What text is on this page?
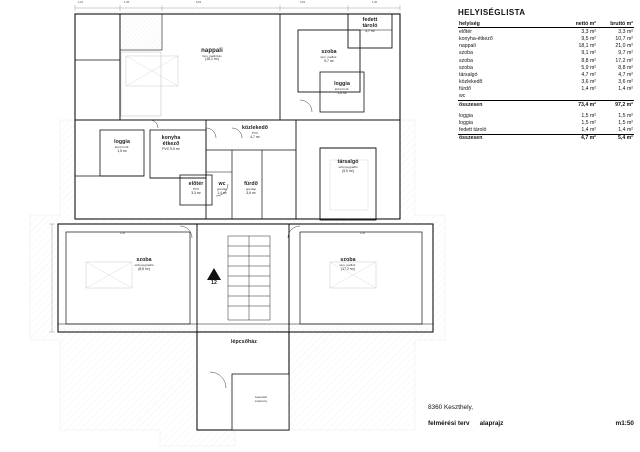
nappali
fam. padlózás
(18,1 m²)
szoba
lam. padlóz.
9,7 m²
loggia
térkő burk.
1,5 m²
fedett
tároló
4,7 m²
közlekedő
PVC
4,7 m²
konyha
étkező
PVC 9,5 m²
loggia
térkő burk.
1,5 m²
előtér
PVC
3,3 m²
wc
greslap
1,4 m²
fürdő
greslap
3,6 m²
társalgó
szőnyegpadló
(5,9 m²)
szoba
szőnyegpadló
(8,8 m²)
szoba
lam. padlóz.
(17,2 m²)
lépcsőház
beépített
szekrény
12
1,10	1,35	6,62	2,52	1,30
4,30	4,30
HELYISÉGLISTA
helyiség	nettó m²	bruttó m²
előtér	3,3 m²	3,3 m²
konyha-étkező	9,5 m²	10,7 m²
nappali	18,1 m²	21,0 m²
szoba	9,1 m²	9,7 m²
szoba	8,8 m²	17,2 m²
szoba	5,9 m²	8,8 m²
társalgó	4,7 m²	4,7 m²
közlekedő	3,6 m²	3,6 m²
fürdő	1,4 m²	1,4 m²
wc		
összesen	73,4 m²	97,2 m²

loggia	1,5 m²	1,5 m²
loggia	1,5 m²	1,5 m²
fedett tároló	1,4 m²	1,4 m²
összesen	4,7 m²	5,4 m²
8360 Keszthely,
felmérési terv alaprajz	m1:50
